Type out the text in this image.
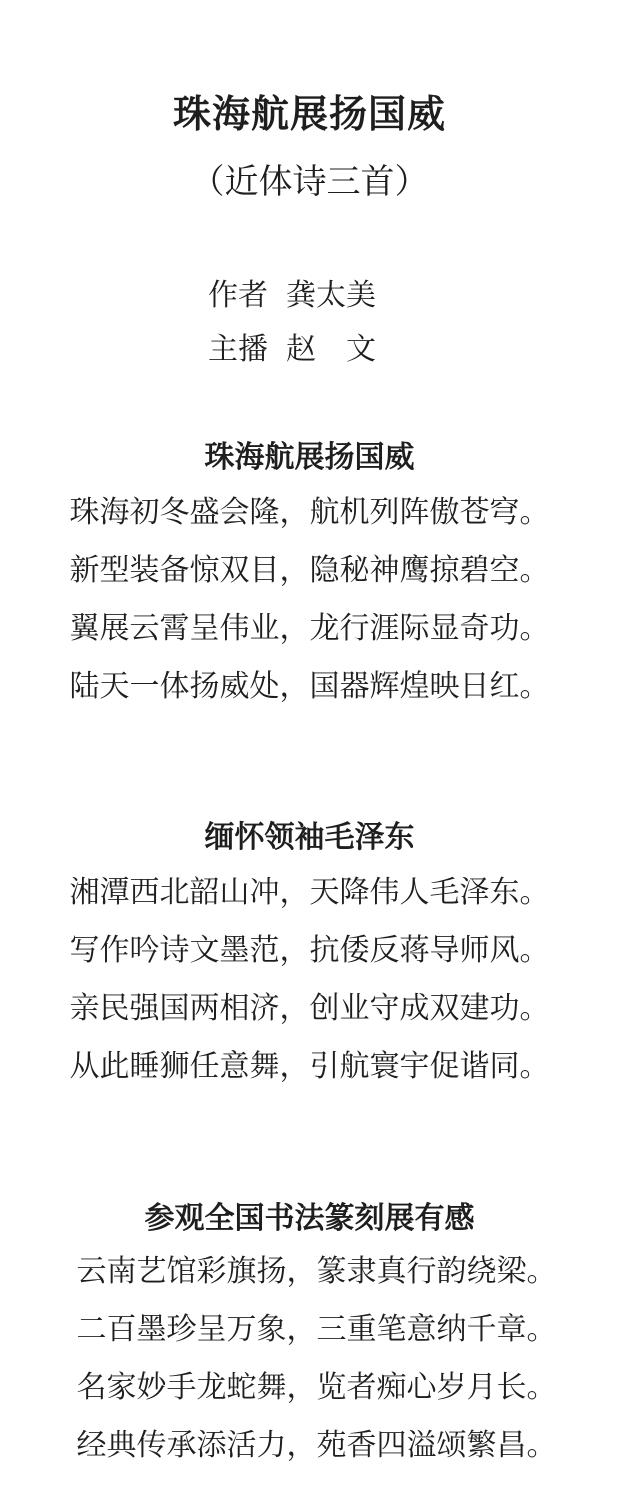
珠海航展扬国威
（近体诗三首）
作者 龚太美
主播 赵　文
珠海航展扬国威
珠海初冬盛会隆，航机列阵傲苍穹。
新型装备惊双目，隐秘神鹰掠碧空。
翼展云霄呈伟业，龙行涯际显奇功。
陆天一体扬威处，国器辉煌映日红。
缅怀领袖毛泽东
湘潭西北韶山冲，天降伟人毛泽东。
写作吟诗文墨范，抗倭反蒋导师风。
亲民强国两相济，创业守成双建功。
从此睡狮任意舞，引航寰宇促谐同。
参观全国书法篆刻展有感
云南艺馆彩旗扬，篆隶真行韵绕梁。
二百墨珍呈万象，三重笔意纳千章。
名家妙手龙蛇舞，览者痴心岁月长。
经典传承添活力，苑香四溢颂繁昌。
